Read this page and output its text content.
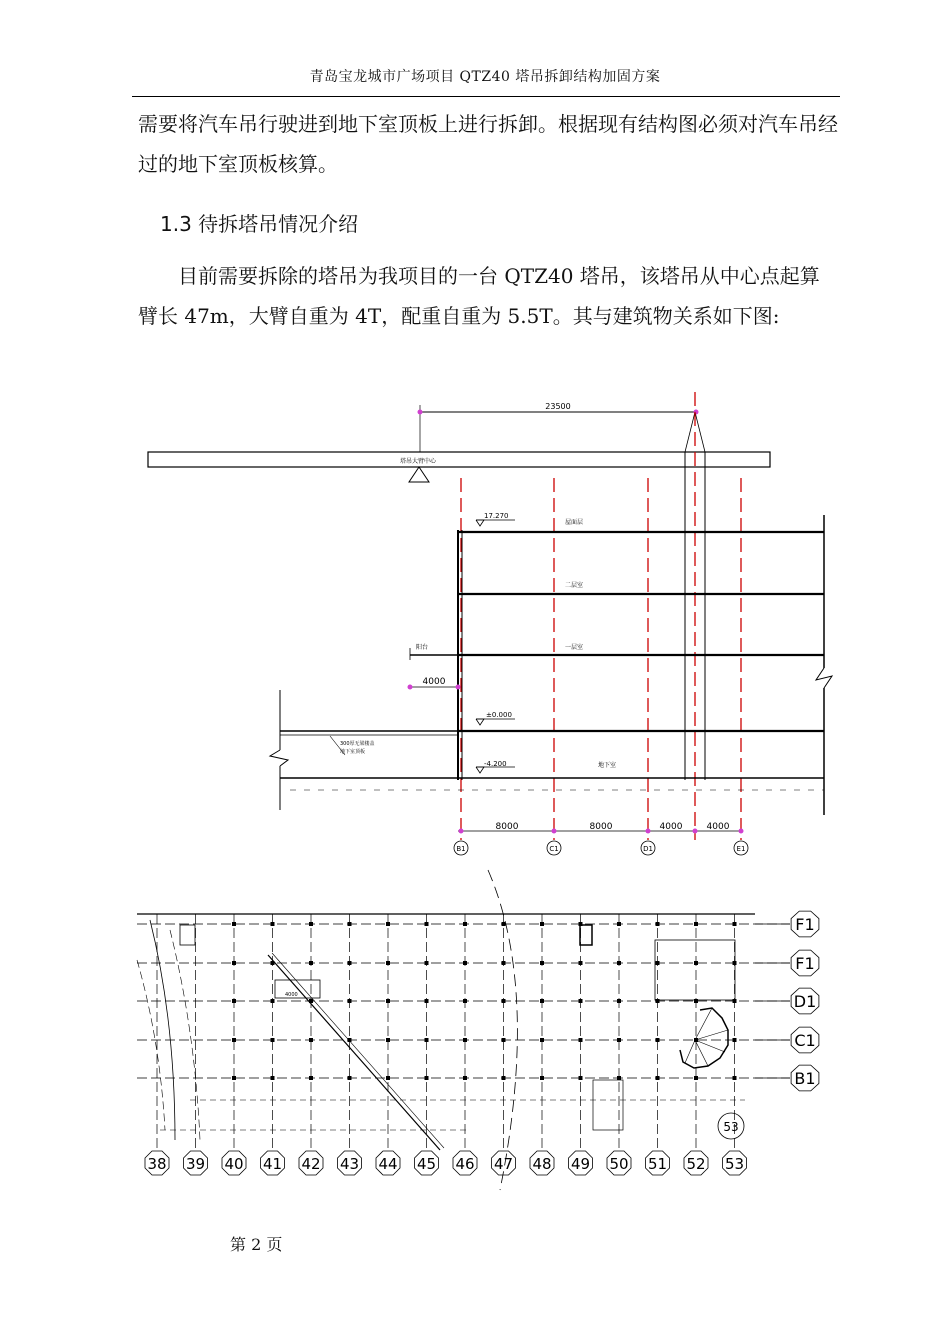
青岛宝龙城市广场项目 QTZ40 塔吊拆卸结构加固方案

需要将汽车吊行驶进到地下室顶板上进行拆卸。根据现有结构图必须对汽车吊经过的地下室顶板核算。

1.3 待拆塔吊情况介绍

目前需要拆除的塔吊为我项目的一台 QTZ40 塔吊，该塔吊从中心点起算臂长 47m，大臂自重为 4T，配重自重为 5.5T。其与建筑物关系如下图:

23500
塔吊大臂中心
17.270
屋面层
二层室
一层室
阳台
4000
±0.000
300厚无梁楼盖
地下室顶板
-4.200	地下室
8000	8000	4000	4000
B1	C1	D1	E1
F1
F1
D1
C1
B1
38 39 40 41 42 43 44 45 46 47 48 49 50 51 52 53
53
4000
第 2 页
